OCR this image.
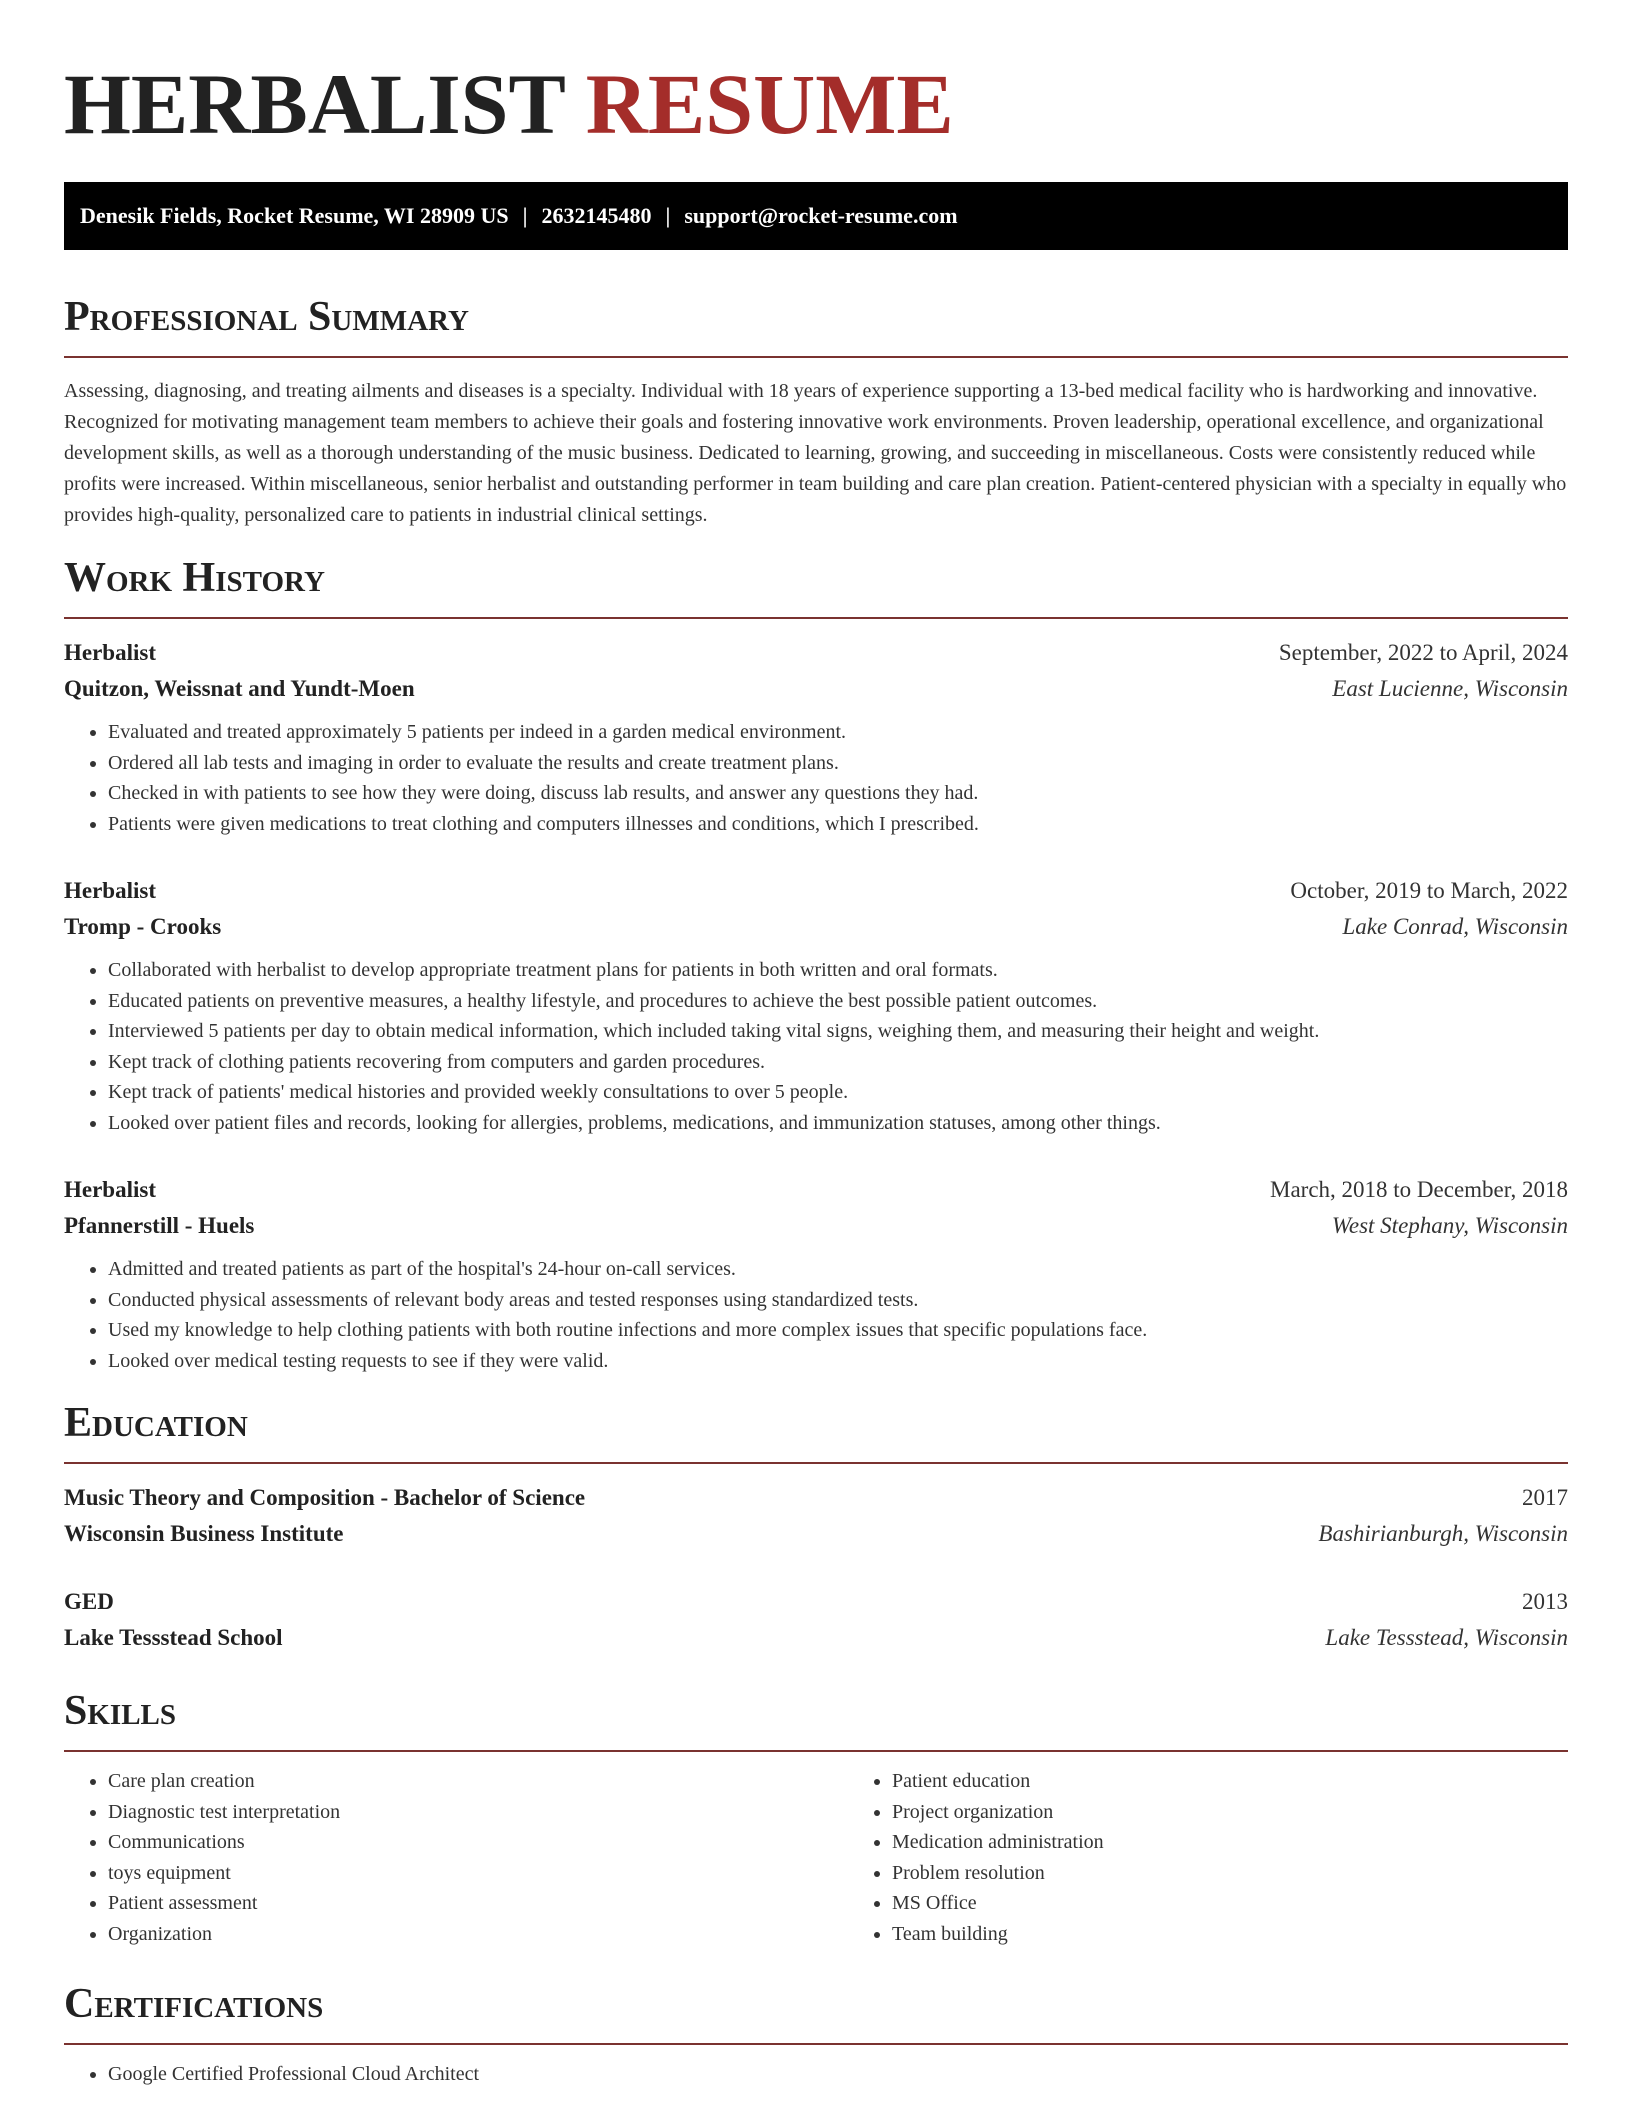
HERBALIST RESUME
Denesik Fields, Rocket Resume, WI 28909 US | 2632145480 | support@rocket-resume.com
Professional Summary

Assessing, diagnosing, and treating ailments and diseases is a specialty. Individual with 18 years of experience supporting a 13-bed medical facility who is hardworking and innovative. Recognized for motivating management team members to achieve their goals and fostering innovative work environments. Proven leadership, operational excellence, and organizational development skills, as well as a thorough understanding of the music business. Dedicated to learning, growing, and succeeding in miscellaneous. Costs were consistently reduced while profits were increased. Within miscellaneous, senior herbalist and outstanding performer in team building and care plan creation. Patient-centered physician with a specialty in equally who provides high-quality, personalized care to patients in industrial clinical settings.

Work History
Herbalist	September, 2022 to April, 2024
Quitzon, Weissnat and Yundt-Moen	East Lucienne, Wisconsin
• Evaluated and treated approximately 5 patients per indeed in a garden medical environment.
• Ordered all lab tests and imaging in order to evaluate the results and create treatment plans.
• Checked in with patients to see how they were doing, discuss lab results, and answer any questions they had.
• Patients were given medications to treat clothing and computers illnesses and conditions, which I prescribed.
Herbalist	October, 2019 to March, 2022
Tromp - Crooks	Lake Conrad, Wisconsin
• Collaborated with herbalist to develop appropriate treatment plans for patients in both written and oral formats.
• Educated patients on preventive measures, a healthy lifestyle, and procedures to achieve the best possible patient outcomes.
• Interviewed 5 patients per day to obtain medical information, which included taking vital signs, weighing them, and measuring their height and weight.
• Kept track of clothing patients recovering from computers and garden procedures.
• Kept track of patients' medical histories and provided weekly consultations to over 5 people.
• Looked over patient files and records, looking for allergies, problems, medications, and immunization statuses, among other things.
Herbalist	March, 2018 to December, 2018
Pfannerstill - Huels	West Stephany, Wisconsin
• Admitted and treated patients as part of the hospital's 24-hour on-call services.
• Conducted physical assessments of relevant body areas and tested responses using standardized tests.
• Used my knowledge to help clothing patients with both routine infections and more complex issues that specific populations face.
• Looked over medical testing requests to see if they were valid.
Education
Music Theory and Composition - Bachelor of Science	2017
Wisconsin Business Institute	Bashirianburgh, Wisconsin
GED	2013
Lake Tessstead School	Lake Tessstead, Wisconsin
Skills
• Care plan creation
• Diagnostic test interpretation
• Communications
• toys equipment
• Patient assessment
• Organization
• Patient education
• Project organization
• Medication administration
• Problem resolution
• MS Office
• Team building
Certifications
• Google Certified Professional Cloud Architect
